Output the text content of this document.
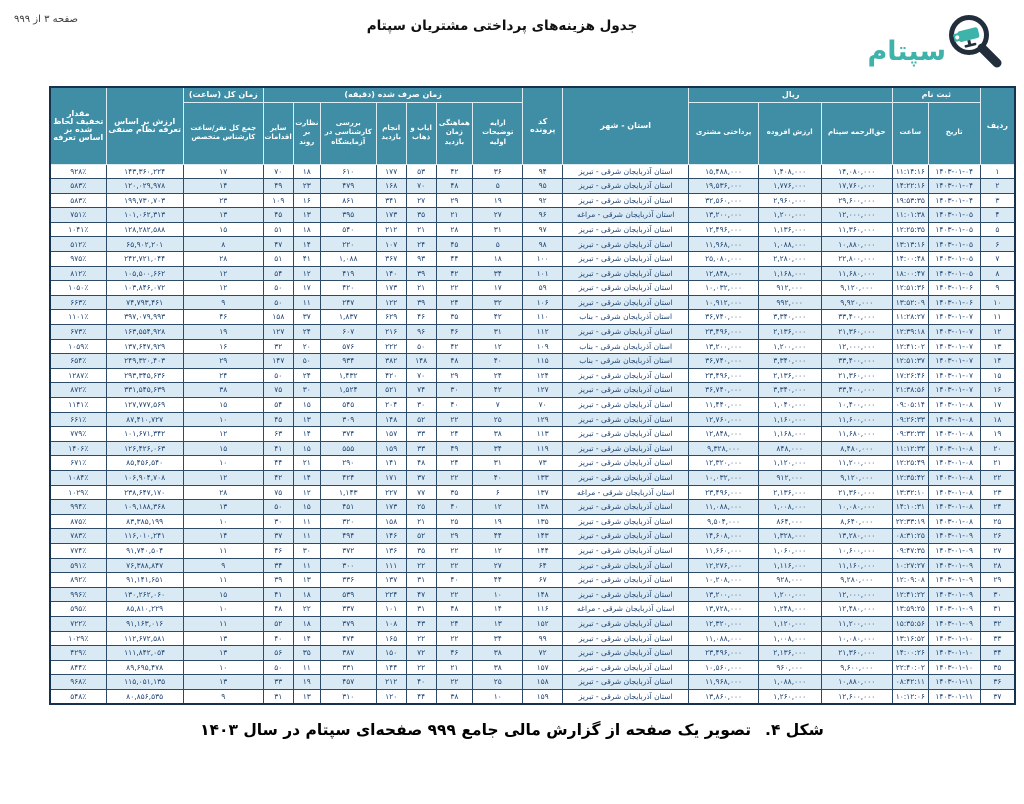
صفحه ۳ از ۹۹۹	جدول هزینه‌های پرداختی مشتریان سپتام
سپتام
ردیف	ثبت نام		ریال			استان - شهر	کد پرونده	زمان صرف شده (دقیقه)							زمان کل (ساعت)	ارزش بر اساس تعرفه نظام صنفی	مقدار تخفیف لحاظ شده بر اساس تعرفه
	تاریخ	ساعت	حق‌الزحمه سپتام	ارزش افزوده	پرداختی مشتری			ارایه توضیحات اولیه	هماهنگی زمان بازدید	ایاب و ذهاب	انجام بازدید	بررسی کارشناسی در آزمایشگاه	نظارت بر روند	سایر اقدامات	جمع کل نفر/ساعت کارشناس متخصص		
۱	۱۴۰۳-۰۱-۰۴	۱۱:۱۴:۱۶	۱۴,۰۸۰,۰۰۰	۱,۴۰۸,۰۰۰	۱۵,۴۸۸,۰۰۰	استان آذربایجان شرقی - تبریز	۹۴	۳۶	۴۲	۵۳	۱۷۷	۶۱۰	۱۸	۷۰	۱۷	۱۴۳,۳۶۰,۲۲۴	۹۲۸٪
۲	۱۴۰۳-۰۱-۰۴	۱۴:۲۲:۱۶	۱۷,۷۶۰,۰۰۰	۱,۷۷۶,۰۰۰	۱۹,۵۳۶,۰۰۰	استان آذربایجان شرقی - تبریز	۹۵	۵	۴۸	۷۰	۱۶۸	۴۷۹	۲۳	۴۹	۱۴	۱۲۰,۰۲۹,۹۷۸	۵۸۳٪
۳	۱۴۰۳-۰۱-۰۴	۱۹:۵۳:۳۵	۲۹,۶۰۰,۰۰۰	۲,۹۶۰,۰۰۰	۳۲,۵۶۰,۰۰۰	استان آذربایجان شرقی - تبریز	۹۲	۱۹	۲۹	۲۷	۳۴۱	۸۶۱	۱۶	۱۰۹	۲۳	۱۹۹,۷۳۰,۷۰۳	۵۸۳٪
۴	۱۴۰۳-۰۱-۰۵	۱۱:۰۱:۳۸	۱۲,۰۰۰,۰۰۰	۱,۲۰۰,۰۰۰	۱۳,۲۰۰,۰۰۰	استان آذربایجان شرقی - مراغه	۹۶	۲۷	۲۱	۳۵	۱۷۳	۳۹۵	۱۳	۴۵	۱۳	۱۰۱,۰۶۲,۳۱۳	۷۵۱٪
۵	۱۴۰۳-۰۱-۰۵	۱۲:۲۵:۳۵	۱۱,۳۶۰,۰۰۰	۱,۱۳۶,۰۰۰	۱۲,۴۹۶,۰۰۰	استان آذربایجان شرقی - تبریز	۹۷	۳۱	۲۸	۲۱	۲۱۲	۵۴۰	۱۸	۵۱	۱۵	۱۲۸,۲۸۲,۵۸۸	۱۰۴۱٪
۶	۱۴۰۳-۰۱-۰۵	۱۳:۱۳:۱۶	۱۰,۸۸۰,۰۰۰	۱,۰۸۸,۰۰۰	۱۱,۹۶۸,۰۰۰	استان آذربایجان شرقی - تبریز	۹۸	۵	۴۵	۲۴	۱۰۷	۲۲۰	۱۴	۴۷	۸	۶۵,۹۰۲,۲۰۱	۵۱۲٪
۷	۱۴۰۳-۰۱-۰۵	۱۴:۰۰:۴۸	۲۲,۸۰۰,۰۰۰	۲,۲۸۰,۰۰۰	۲۵,۰۸۰,۰۰۰	استان آذربایجان شرقی - تبریز	۱۰۰	۱۸	۴۴	۹۳	۳۶۷	۱,۰۸۸	۴۱	۵۱	۲۸	۲۴۲,۷۲۱,۰۴۴	۹۷۵٪
۸	۱۴۰۳-۰۱-۰۵	۱۸:۰۰:۴۷	۱۱,۶۸۰,۰۰۰	۱,۱۶۸,۰۰۰	۱۲,۸۴۸,۰۰۰	استان آذربایجان شرقی - تبریز	۱۰۱	۳۴	۴۲	۳۹	۱۴۰	۴۱۹	۱۲	۵۴	۱۲	۱۰۵,۵۰۰,۶۶۲	۸۱۲٪
۹	۱۴۰۳-۰۱-۰۶	۱۲:۵۱:۳۶	۹,۱۲۰,۰۰۰	۹۱۲,۰۰۰	۱۰,۰۳۲,۰۰۰	استان آذربایجان شرقی - تبریز	۵۹	۱۷	۲۲	۲۱	۱۷۳	۴۲۰	۱۷	۵۰	۱۲	۱۰۳,۸۴۶,۰۷۲	۱۰۵۰٪
۱۰	۱۴۰۳-۰۱-۰۶	۱۳:۵۲:۰۹	۹,۹۲۰,۰۰۰	۹۹۲,۰۰۰	۱۰,۹۱۲,۰۰۰	استان آذربایجان شرقی - تبریز	۱۰۶	۳۲	۲۴	۳۹	۱۲۲	۲۴۷	۱۱	۵۰	۹	۷۴,۷۹۳,۴۶۱	۶۶۳٪
۱۱	۱۴۰۳-۰۱-۰۷	۱۱:۲۸:۲۷	۳۳,۴۰۰,۰۰۰	۳,۳۴۰,۰۰۰	۳۶,۷۴۰,۰۰۰	استان آذربایجان شرقی - بناب	۱۱۰	۴۲	۳۵	۴۶	۶۲۹	۱,۸۳۷	۳۷	۱۵۸	۴۶	۳۹۷,۰۷۹,۹۹۳	۱۱۰۱٪
۱۲	۱۴۰۳-۰۱-۰۷	۱۲:۳۹:۱۸	۲۱,۳۶۰,۰۰۰	۲,۱۳۶,۰۰۰	۲۳,۴۹۶,۰۰۰	استان آذربایجان شرقی - تبریز	۱۱۲	۳۱	۴۶	۹۶	۲۱۶	۶۰۷	۲۴	۱۲۷	۱۹	۱۶۳,۵۵۴,۹۲۸	۶۷۳٪
۱۳	۱۴۰۳-۰۱-۰۷	۱۲:۴۱:۰۲	۱۲,۰۰۰,۰۰۰	۱,۲۰۰,۰۰۰	۱۳,۲۰۰,۰۰۰	استان آذربایجان شرقی - بناب	۱۰۹	۱۲	۴۲	۵۰	۲۲۲	۵۷۶	۲۰	۳۲	۱۶	۱۳۷,۶۴۷,۹۲۹	۱۰۵۹٪
۱۴	۱۴۰۳-۰۱-۰۷	۱۲:۵۱:۳۷	۳۳,۴۰۰,۰۰۰	۳,۳۴۰,۰۰۰	۳۶,۷۴۰,۰۰۰	استان آذربایجان شرقی - بناب	۱۱۵	۴۰	۴۸	۱۴۸	۳۸۲	۹۳۴	۵۰	۱۴۷	۲۹	۲۴۹,۳۲۰,۴۰۳	۶۵۴٪
۱۵	۱۴۰۳-۰۱-۰۷	۱۷:۲۶:۴۶	۲۱,۳۶۰,۰۰۰	۲,۱۳۶,۰۰۰	۲۳,۴۹۶,۰۰۰	استان آذربایجان شرقی - تبریز	۱۲۴	۲۴	۲۹	۷۰	۴۲۰	۱,۴۳۲	۲۴	۵۰	۲۴	۲۹۳,۳۴۵,۶۳۶	۱۲۸۷٪
۱۶	۱۴۰۳-۰۱-۰۷	۲۱:۳۸:۵۶	۳۳,۴۰۰,۰۰۰	۳,۳۴۰,۰۰۰	۳۶,۷۴۰,۰۰۰	استان آذربایجان شرقی - تبریز	۱۲۷	۴۲	۳۰	۷۴	۵۲۱	۱,۵۲۴	۳۰	۷۵	۳۸	۳۳۱,۵۴۵,۶۳۹	۸۷۲٪
۱۷	۱۴۰۳-۰۱-۰۸	۰۹:۰۵:۱۴	۱۰,۴۰۰,۰۰۰	۱,۰۴۰,۰۰۰	۱۱,۴۴۰,۰۰۰	استان آذربایجان شرقی - تبریز	۷۰	۷	۴۰	۳۰	۲۰۴	۵۴۵	۱۵	۵۴	۱۵	۱۲۷,۷۷۷,۵۶۹	۱۱۴۱٪
۱۸	۱۴۰۳-۰۱-۰۸	۰۹:۲۶:۳۳	۱۱,۶۰۰,۰۰۰	۱,۱۶۰,۰۰۰	۱۲,۷۶۰,۰۰۰	استان آذربایجان شرقی - تبریز	۱۲۹	۲۵	۲۲	۵۲	۱۴۸	۳۰۹	۱۳	۴۵	۱۰	۸۷,۴۱۰,۷۲۷	۶۶۱٪
۱۹	۱۴۰۳-۰۱-۰۸	۰۹:۳۲:۳۳	۱۱,۶۸۰,۰۰۰	۱,۱۶۸,۰۰۰	۱۲,۸۴۸,۰۰۰	استان آذربایجان شرقی - تبریز	۱۱۳	۳۸	۲۴	۳۳	۱۵۷	۳۷۴	۱۴	۶۳	۱۲	۱۰۱,۶۷۱,۳۴۲	۷۷۹٪
۲۰	۱۴۰۳-۰۱-۰۸	۱۱:۱۲:۳۳	۸,۴۸۰,۰۰۰	۸۴۸,۰۰۰	۹,۳۲۸,۰۰۰	استان آذربایجان شرقی - تبریز	۱۱۹	۳۴	۴۹	۳۳	۱۵۹	۵۵۵	۱۵	۴۱	۱۵	۱۲۶,۴۲۶,۰۶۳	۱۴۰۶٪
۲۱	۱۴۰۳-۰۱-۰۸	۱۲:۲۵:۴۹	۱۱,۲۰۰,۰۰۰	۱,۱۲۰,۰۰۰	۱۲,۳۲۰,۰۰۰	استان آذربایجان شرقی - تبریز	۷۳	۳۱	۲۴	۴۸	۱۴۱	۲۹۰	۲۱	۴۴	۱۰	۸۵,۴۵۶,۵۴۰	۶۷۱٪
۲۲	۱۴۰۳-۰۱-۰۸	۱۲:۳۵:۴۲	۹,۱۲۰,۰۰۰	۹۱۲,۰۰۰	۱۰,۰۳۲,۰۰۰	استان آذربایجان شرقی - تبریز	۱۳۳	۴۰	۲۲	۳۷	۱۷۱	۴۲۴	۱۴	۴۲	۱۲	۱۰۶,۹۰۴,۷۰۸	۱۰۸۴٪
۲۳	۱۴۰۳-۰۱-۰۸	۱۳:۳۲:۱۰	۲۱,۳۶۰,۰۰۰	۲,۱۳۶,۰۰۰	۲۳,۴۹۶,۰۰۰	استان آذربایجان شرقی - مراغه	۱۳۷	۶	۳۵	۷۷	۲۲۷	۱,۱۴۳	۱۲	۷۵	۲۸	۲۳۸,۶۴۷,۱۷۰	۱۰۲۹٪
۲۴	۱۴۰۳-۰۱-۰۸	۱۴:۱۰:۳۱	۱۰,۰۸۰,۰۰۰	۱,۰۰۸,۰۰۰	۱۱,۰۸۸,۰۰۰	استان آذربایجان شرقی - تبریز	۱۳۸	۱۲	۴۰	۲۵	۱۷۳	۴۵۱	۱۵	۵۰	۱۳	۱۰۹,۱۸۸,۳۶۸	۹۹۴٪
۲۵	۱۴۰۳-۰۱-۰۸	۲۲:۳۳:۱۹	۸,۶۴۰,۰۰۰	۸۶۴,۰۰۰	۹,۵۰۴,۰۰۰	استان آذربایجان شرقی - تبریز	۱۳۵	۱۹	۲۵	۲۱	۱۵۸	۳۲۰	۱۱	۳۰	۱۰	۸۳,۳۸۵,۱۹۹	۸۷۵٪
۲۶	۱۴۰۳-۰۱-۰۹	۰۸:۳۱:۲۵	۱۳,۲۸۰,۰۰۰	۱,۳۲۸,۰۰۰	۱۴,۶۰۸,۰۰۰	استان آذربایجان شرقی - تبریز	۱۴۳	۴۴	۲۹	۵۲	۱۴۶	۴۹۴	۱۱	۳۷	۱۴	۱۱۶,۰۱۰,۲۴۱	۷۸۳٪
۲۷	۱۴۰۳-۰۱-۰۹	۰۹:۴۷:۳۵	۱۰,۶۰۰,۰۰۰	۱,۰۶۰,۰۰۰	۱۱,۶۶۰,۰۰۰	استان آذربایجان شرقی - تبریز	۱۴۴	۱۲	۲۲	۳۵	۱۳۶	۳۷۲	۳۰	۴۶	۱۱	۹۱,۷۴۰,۵۰۴	۷۷۴٪
۲۸	۱۴۰۳-۰۱-۰۹	۱۰:۲۷:۲۷	۱۱,۱۶۰,۰۰۰	۱,۱۱۶,۰۰۰	۱۲,۲۷۶,۰۰۰	استان آذربایجان شرقی - تبریز	۶۴	۲۷	۲۲	۲۲	۱۱۱	۳۰۰	۱۱	۳۴	۹	۷۶,۳۸۸,۸۴۷	۵۹۱٪
۲۹	۱۴۰۳-۰۱-۰۹	۱۲:۰۹:۰۸	۹,۲۸۰,۰۰۰	۹۲۸,۰۰۰	۱۰,۲۰۸,۰۰۰	استان آذربایجان شرقی - تبریز	۶۷	۴۴	۴۰	۳۱	۱۳۷	۳۳۶	۱۳	۳۹	۱۱	۹۱,۱۴۱,۶۵۱	۸۹۲٪
۳۰	۱۴۰۳-۰۱-۰۹	۱۲:۴۱:۲۲	۱۲,۰۰۰,۰۰۰	۱,۲۰۰,۰۰۰	۱۳,۲۰۰,۰۰۰	استان آذربایجان شرقی - تبریز	۱۴۸	۱۰	۲۲	۴۷	۲۲۴	۵۳۹	۱۸	۴۱	۱۵	۱۳۰,۲۶۲,۰۶۰	۹۹۶٪
۳۱	۱۴۰۳-۰۱-۰۹	۱۳:۵۹:۲۵	۱۲,۴۸۰,۰۰۰	۱,۲۴۸,۰۰۰	۱۳,۷۲۸,۰۰۰	استان آذربایجان شرقی - مراغه	۱۱۶	۱۴	۴۸	۳۱	۱۰۱	۳۳۷	۲۲	۴۸	۱۰	۸۵,۸۱۰,۲۲۹	۵۹۵٪
۳۲	۱۴۰۳-۰۱-۰۹	۱۵:۳۵:۵۶	۱۱,۲۰۰,۰۰۰	۱,۱۲۰,۰۰۰	۱۲,۳۲۰,۰۰۰	استان آذربایجان شرقی - تبریز	۱۵۲	۱۳	۲۴	۴۳	۱۰۸	۳۷۹	۱۸	۵۲	۱۱	۹۱,۱۶۳,۰۱۶	۷۲۲٪
۳۳	۱۴۰۳-۰۱-۱۰	۱۳:۱۶:۵۲	۱۰,۰۸۰,۰۰۰	۱,۰۰۸,۰۰۰	۱۱,۰۸۸,۰۰۰	استان آذربایجان شرقی - تبریز	۹۹	۳۴	۲۲	۲۲	۱۶۵	۴۷۴	۱۴	۴۰	۱۳	۱۱۲,۶۷۲,۵۸۱	۱۰۲۹٪
۳۴	۱۴۰۳-۰۱-۱۰	۱۴:۰۰:۲۶	۲۱,۳۶۰,۰۰۰	۲,۱۳۶,۰۰۰	۲۳,۴۹۶,۰۰۰	استان آذربایجان شرقی - تبریز	۷۲	۳۸	۴۶	۷۲	۱۵۰	۳۸۷	۳۵	۵۶	۱۳	۱۱۱,۸۴۲,۰۵۴	۴۲۹٪
۳۵	۱۴۰۳-۰۱-۱۰	۲۲:۴۰:۰۲	۹,۶۰۰,۰۰۰	۹۶۰,۰۰۰	۱۰,۵۶۰,۰۰۰	استان آذربایجان شرقی - تبریز	۱۵۷	۳۸	۲۱	۲۲	۱۴۴	۳۳۱	۱۱	۵۰	۱۰	۸۹,۶۹۵,۴۷۸	۸۴۴٪
۳۶	۱۴۰۳-۰۱-۱۱	۰۸:۴۲:۱۱	۱۰,۸۸۰,۰۰۰	۱,۰۸۸,۰۰۰	۱۱,۹۶۸,۰۰۰	استان آذربایجان شرقی - تبریز	۱۵۸	۲۵	۲۲	۴۰	۲۱۲	۴۵۷	۱۹	۳۳	۱۳	۱۱۵,۰۵۱,۱۳۵	۹۶۸٪
۳۷	۱۴۰۳-۰۱-۱۱	۱۰:۱۲:۰۶	۱۲,۶۰۰,۰۰۰	۱,۲۶۰,۰۰۰	۱۳,۸۶۰,۰۰۰	استان آذربایجان شرقی - تبریز	۱۵۹	۱۰	۳۸	۴۴	۱۲۰	۳۱۰	۱۳	۳۱	۹	۸۰,۸۵۶,۵۳۵	۵۴۸٪
شکل ۴.تصویر یک صفحه از گزارش مالی جامع ۹۹۹ صفحه‌ای سپتام در سال ۱۴۰۳
